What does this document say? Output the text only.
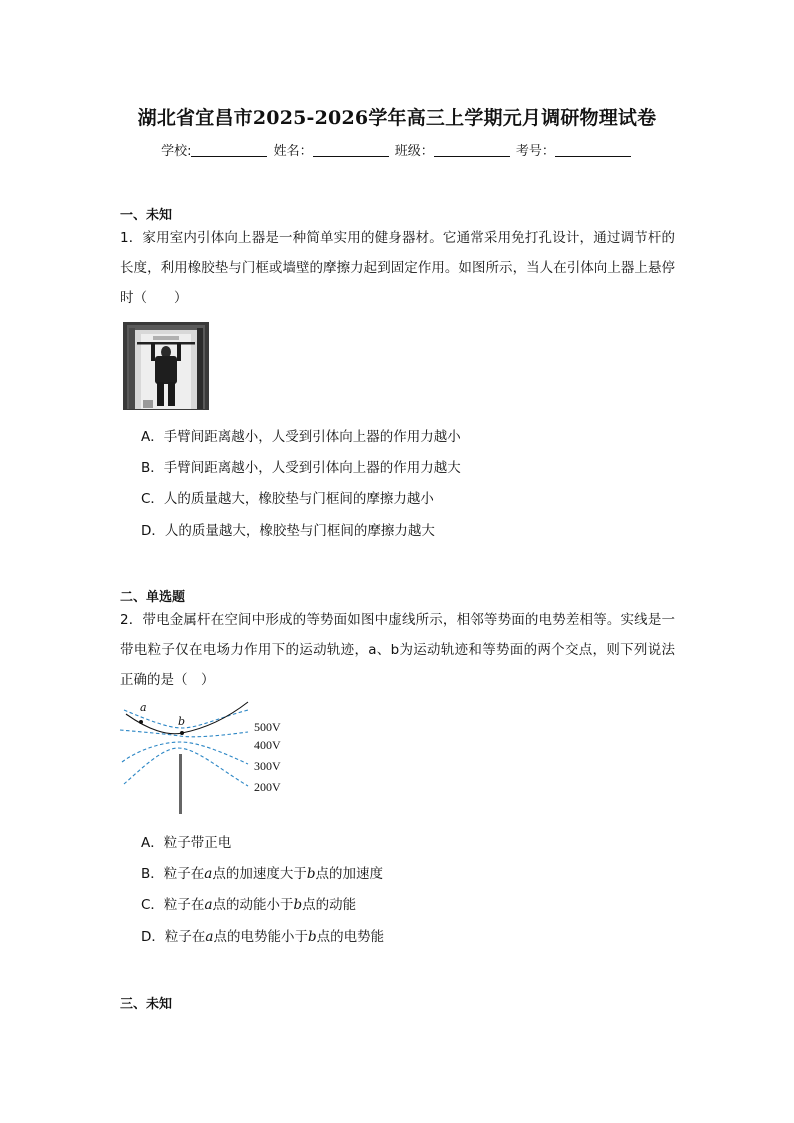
湖北省宜昌市2025-2026学年高三上学期元月调研物理试卷
学校:	姓名：	班级：	考号：
一、未知
1．家用室内引体向上器是一种简单实用的健身器材。它通常采用免打孔设计，通过调节杆的长度，利用橡胶垫与门框或墙壁的摩擦力起到固定作用。如图所示，当人在引体向上器上悬停时（　　）
A．手臂间距离越小，人受到引体向上器的作用力越小
B．手臂间距离越小，人受到引体向上器的作用力越大
C．人的质量越大，橡胶垫与门框间的摩擦力越小
D．人的质量越大，橡胶垫与门框间的摩擦力越大
二、单选题
2．带电金属杆在空间中形成的等势面如图中虚线所示，相邻等势面的电势差相等。实线是一带电粒子仅在电场力作用下的运动轨迹，a、b为运动轨迹和等势面的两个交点，则下列说法正确的是（　）
a
b	500V
400V
300V
200V
A．粒子带正电
B．粒子在a点的加速度大于b点的加速度
C．粒子在a点的动能小于b点的动能
D．粒子在a点的电势能小于b点的电势能
三、未知
